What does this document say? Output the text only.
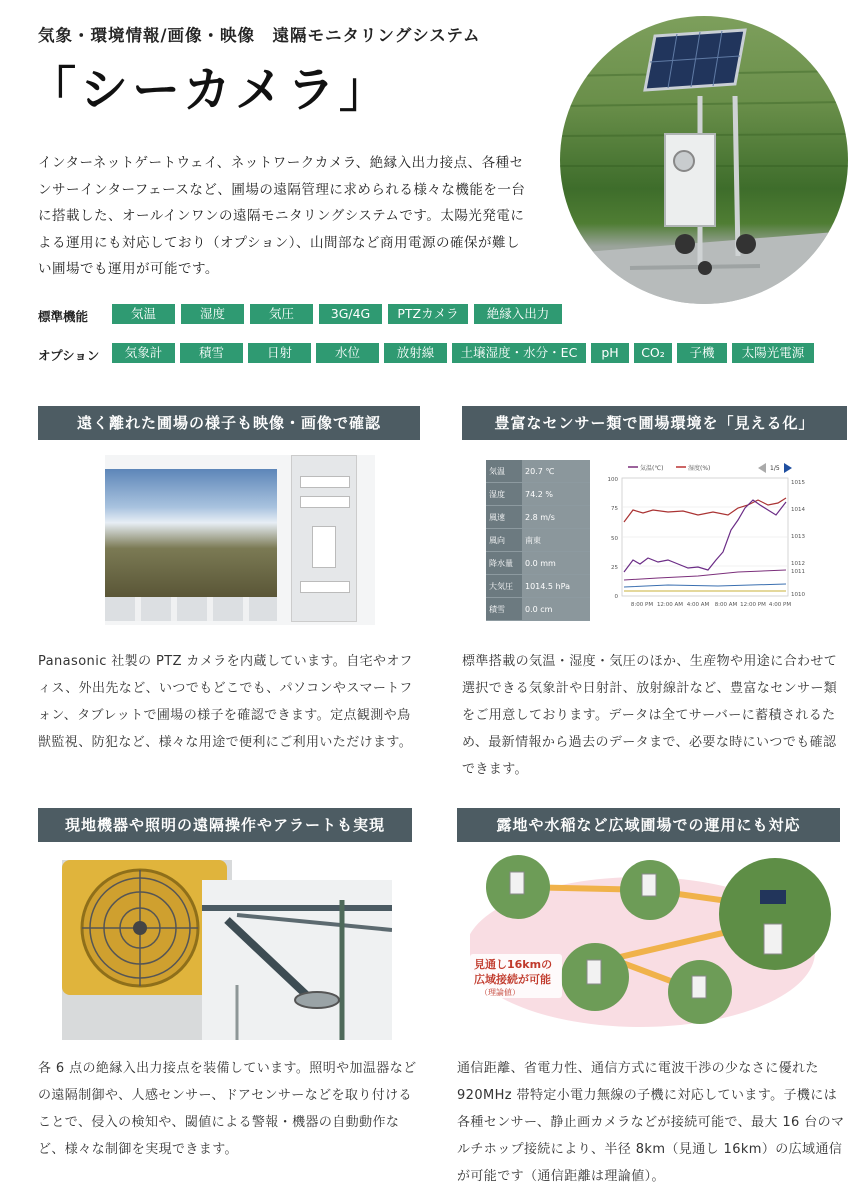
気象・環境情報/画像・映像　遠隔モニタリングシステム
「シーカメラ」
インターネットゲートウェイ、ネットワークカメラ、絶縁入出力接点、各種センサーインターフェースなど、圃場の遠隔管理に求められる様々な機能を一台に搭載した、オールインワンの遠隔モニタリングシステムです。太陽光発電による運用にも対応しており（オプション）、山間部など商用電源の確保が難しい圃場でも運用が可能です。
標準機能	気温	湿度	気圧	3G/4G	PTZカメラ	絶縁入出力
オプション	気象計	積雪	日射	水位	放射線	土壌湿度・水分・EC	pH	CO₂	子機	太陽光電源
遠く離れた圃場の様子も映像・画像で確認
Panasonic 社製の PTZ カメラを内蔵しています。自宅やオフィス、外出先など、いつでもどこでも、パソコンやスマートフォン、タブレットで圃場の様子を確認できます。定点観測や鳥獣監視、防犯など、様々な用途で便利にご利用いただけます。
豊富なセンサー類で圃場環境を「見える化」
気温	20.7 ℃
湿度	74.2 %
風速	2.8 m/s
風向	南東
降水量	0.0 mm
大気圧	1014.5 hPa
積雪	0.0 cm
気温(℃)	湿度(%)	1/5
100
75
50
25
0
1015
1014
1013
1012
1011
1010
8:00 PM 12:00 AM 4:00 AM 8:00 AM 12:00 PM 4:00 PM
標準搭載の気温・湿度・気圧のほか、生産物や用途に合わせて選択できる気象計や日射計、放射線計など、豊富なセンサー類をご用意しております。データは全てサーバーに蓄積されるため、最新情報から過去のデータまで、必要な時にいつでも確認できます。
現地機器や照明の遠隔操作やアラートも実現
各 6 点の絶縁入出力接点を装備しています。照明や加温器などの遠隔制御や、人感センサー、ドアセンサーなどを取り付けることで、侵入の検知や、閾値による警報・機器の自動動作など、様々な制御を実現できます。
露地や水稲など広域圃場での運用にも対応
見通し16kmの
広域接続が可能
（理論値）
通信距離、省電力性、通信方式に電波干渉の少なさに優れた 920MHz 帯特定小電力無線の子機に対応しています。子機には各種センサー、静止画カメラなどが接続可能で、最大 16 台のマルチホップ接続により、半径 8km（見通し 16km）の広域通信が可能です（通信距離は理論値）。
